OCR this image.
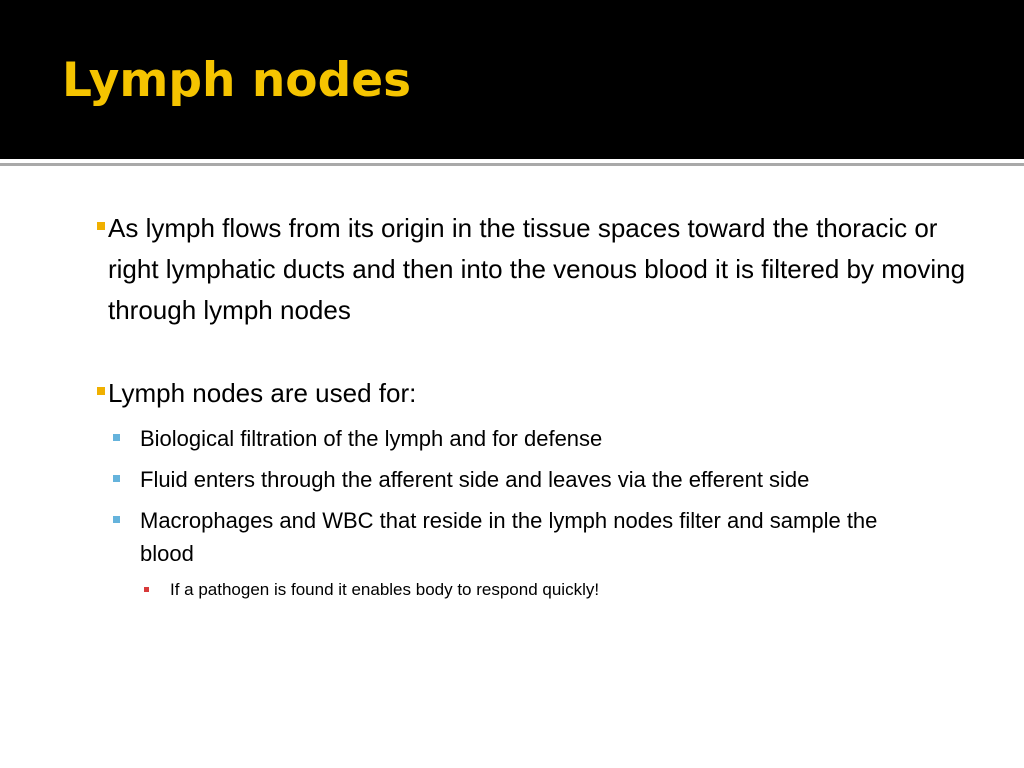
Lymph nodes
As lymph flows from its origin in the tissue spaces toward the thoracic or right lymphatic ducts and then into the venous blood it is filtered by moving through lymph nodes
Lymph nodes are used for:
Biological filtration of the lymph and for defense
Fluid enters through the afferent side and leaves via the efferent side
Macrophages and WBC that reside in the lymph nodes filter and sample the blood
If a pathogen is found it enables body to respond quickly!
